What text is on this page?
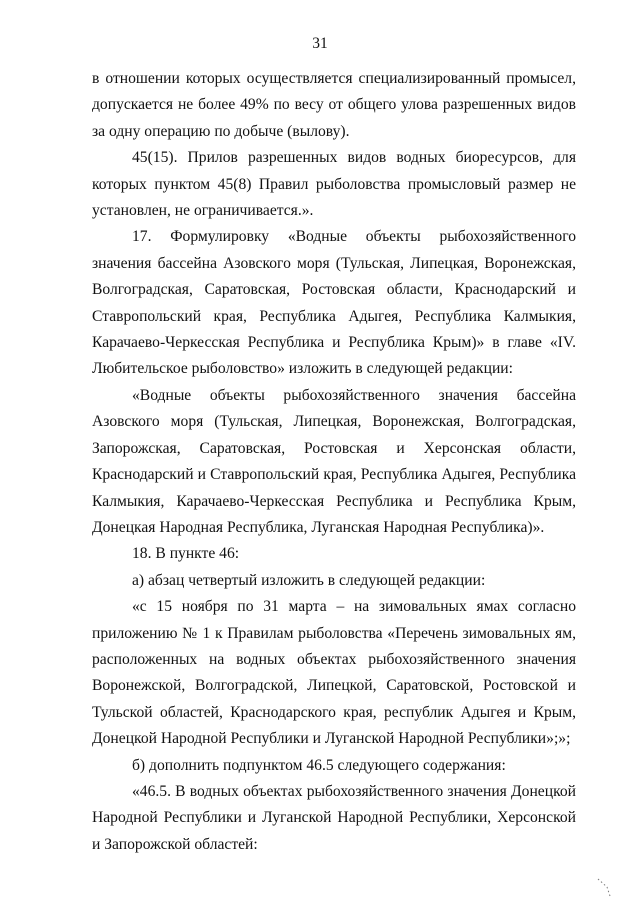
31

в отношении которых осуществляется специализированный промысел, допускается не более 49% по весу от общего улова разрешенных видов за одну операцию по добыче (вылову).

45(15). Прилов разрешенных видов водных биоресурсов, для которых пунктом 45(8) Правил рыболовства промысловый размер не установлен, не ограничивается.».

17. Формулировку «Водные объекты рыбохозяйственного значения бассейна Азовского моря (Тульская, Липецкая, Воронежская, Волгоградская, Саратовская, Ростовская области, Краснодарский и Ставропольский края, Республика Адыгея, Республика Калмыкия, Карачаево-Черкесская Республика и Республика Крым)» в главе «IV. Любительское рыболовство» изложить в следующей редакции:

«Водные объекты рыбохозяйственного значения бассейна Азовского моря (Тульская, Липецкая, Воронежская, Волгоградская, Запорожская, Саратовская, Ростовская и Херсонская области, Краснодарский и Ставропольский края, Республика Адыгея, Республика Калмыкия, Карачаево-Черкесская Республика и Республика Крым, Донецкая Народная Республика, Луганская Народная Республика)».

18. В пункте 46:

а) абзац четвертый изложить в следующей редакции:

«с 15 ноября по 31 марта – на зимовальных ямах согласно приложению № 1 к Правилам рыболовства «Перечень зимовальных ям, расположенных на водных объектах рыбохозяйственного значения Воронежской, Волгоградской, Липецкой, Саратовской, Ростовской и Тульской областей, Краснодарского края, республик Адыгея и Крым, Донецкой Народной Республики и Луганской Народной Республики»;»;

б) дополнить подпунктом 46.5 следующего содержания:

«46.5. В водных объектах рыбохозяйственного значения Донецкой Народной Республики и Луганской Народной Республики, Херсонской и Запорожской областей:
